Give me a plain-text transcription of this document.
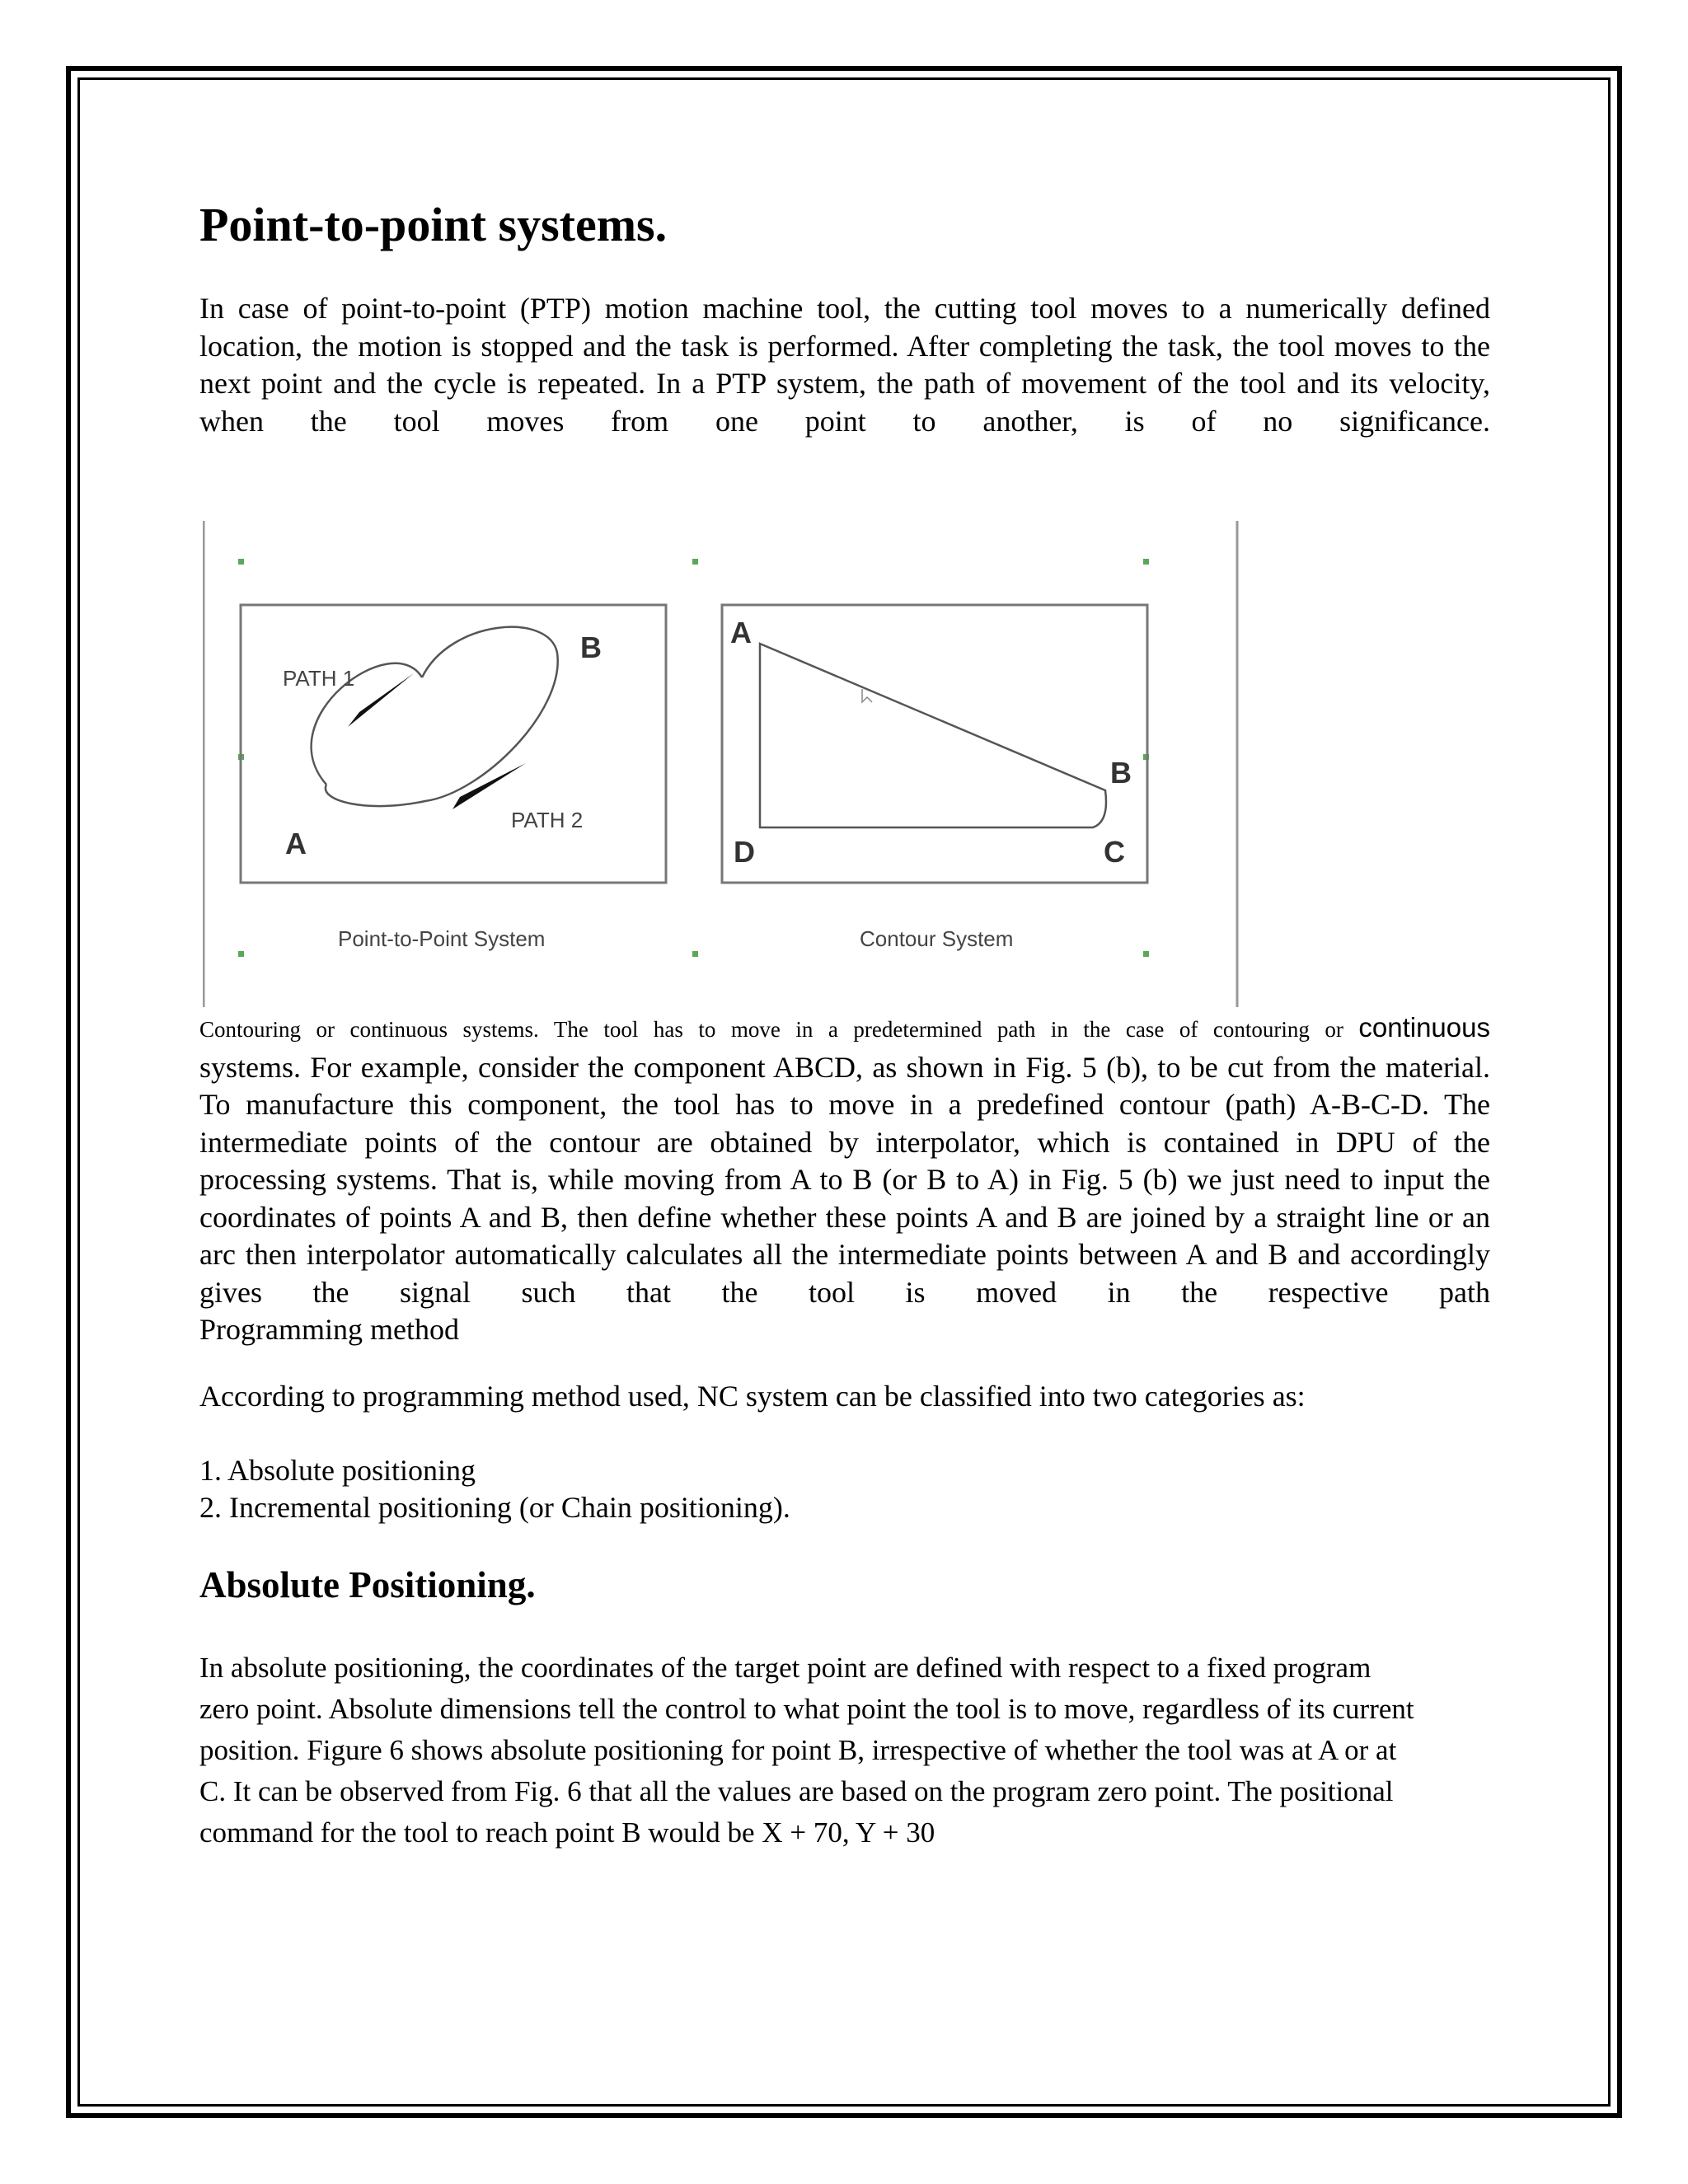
Point-to-point systems.

In case of point-to-point (PTP) motion machine tool, the cutting tool moves to a numerically defined
location, the motion is stopped and the task is performed. After completing the task, the tool moves to the
next point and the cycle is repeated. In a PTP system, the path of movement of the tool and its velocity,
when the tool moves from one point to another, is of no significance.

PATH 1
PATH 2
A
B
Point-to-Point System
A
B
C
D
Contour System

Contouring or continuous systems. The tool has to move in a predetermined path in the case of contouring or continuous
systems. For example, consider the component ABCD, as shown in Fig. 5 (b), to be cut from the material.
To manufacture this component, the tool has to move in a predefined contour (path) A-B-C-D. The
intermediate points of the contour are obtained by interpolator, which is contained in DPU of the
processing systems. That is, while moving from A to B (or B to A) in Fig. 5 (b) we just need to input the
coordinates of points A and B, then define whether these points A and B are joined by a straight line or an
arc then interpolator automatically calculates all the intermediate points between A and B and accordingly
gives the signal such that the tool is moved in the respective path
Programming method

According to programming method used, NC system can be classified into two categories as:

1. Absolute positioning
2. Incremental positioning (or Chain positioning).

Absolute Positioning.

In absolute positioning, the coordinates of the target point are defined with respect to a fixed program
zero point. Absolute dimensions tell the control to what point the tool is to move, regardless of its current
position. Figure 6 shows absolute positioning for point B, irrespective of whether the tool was at A or at
C. It can be observed from Fig. 6 that all the values are based on the program zero point. The positional
command for the tool to reach point B would be X + 70, Y + 30
